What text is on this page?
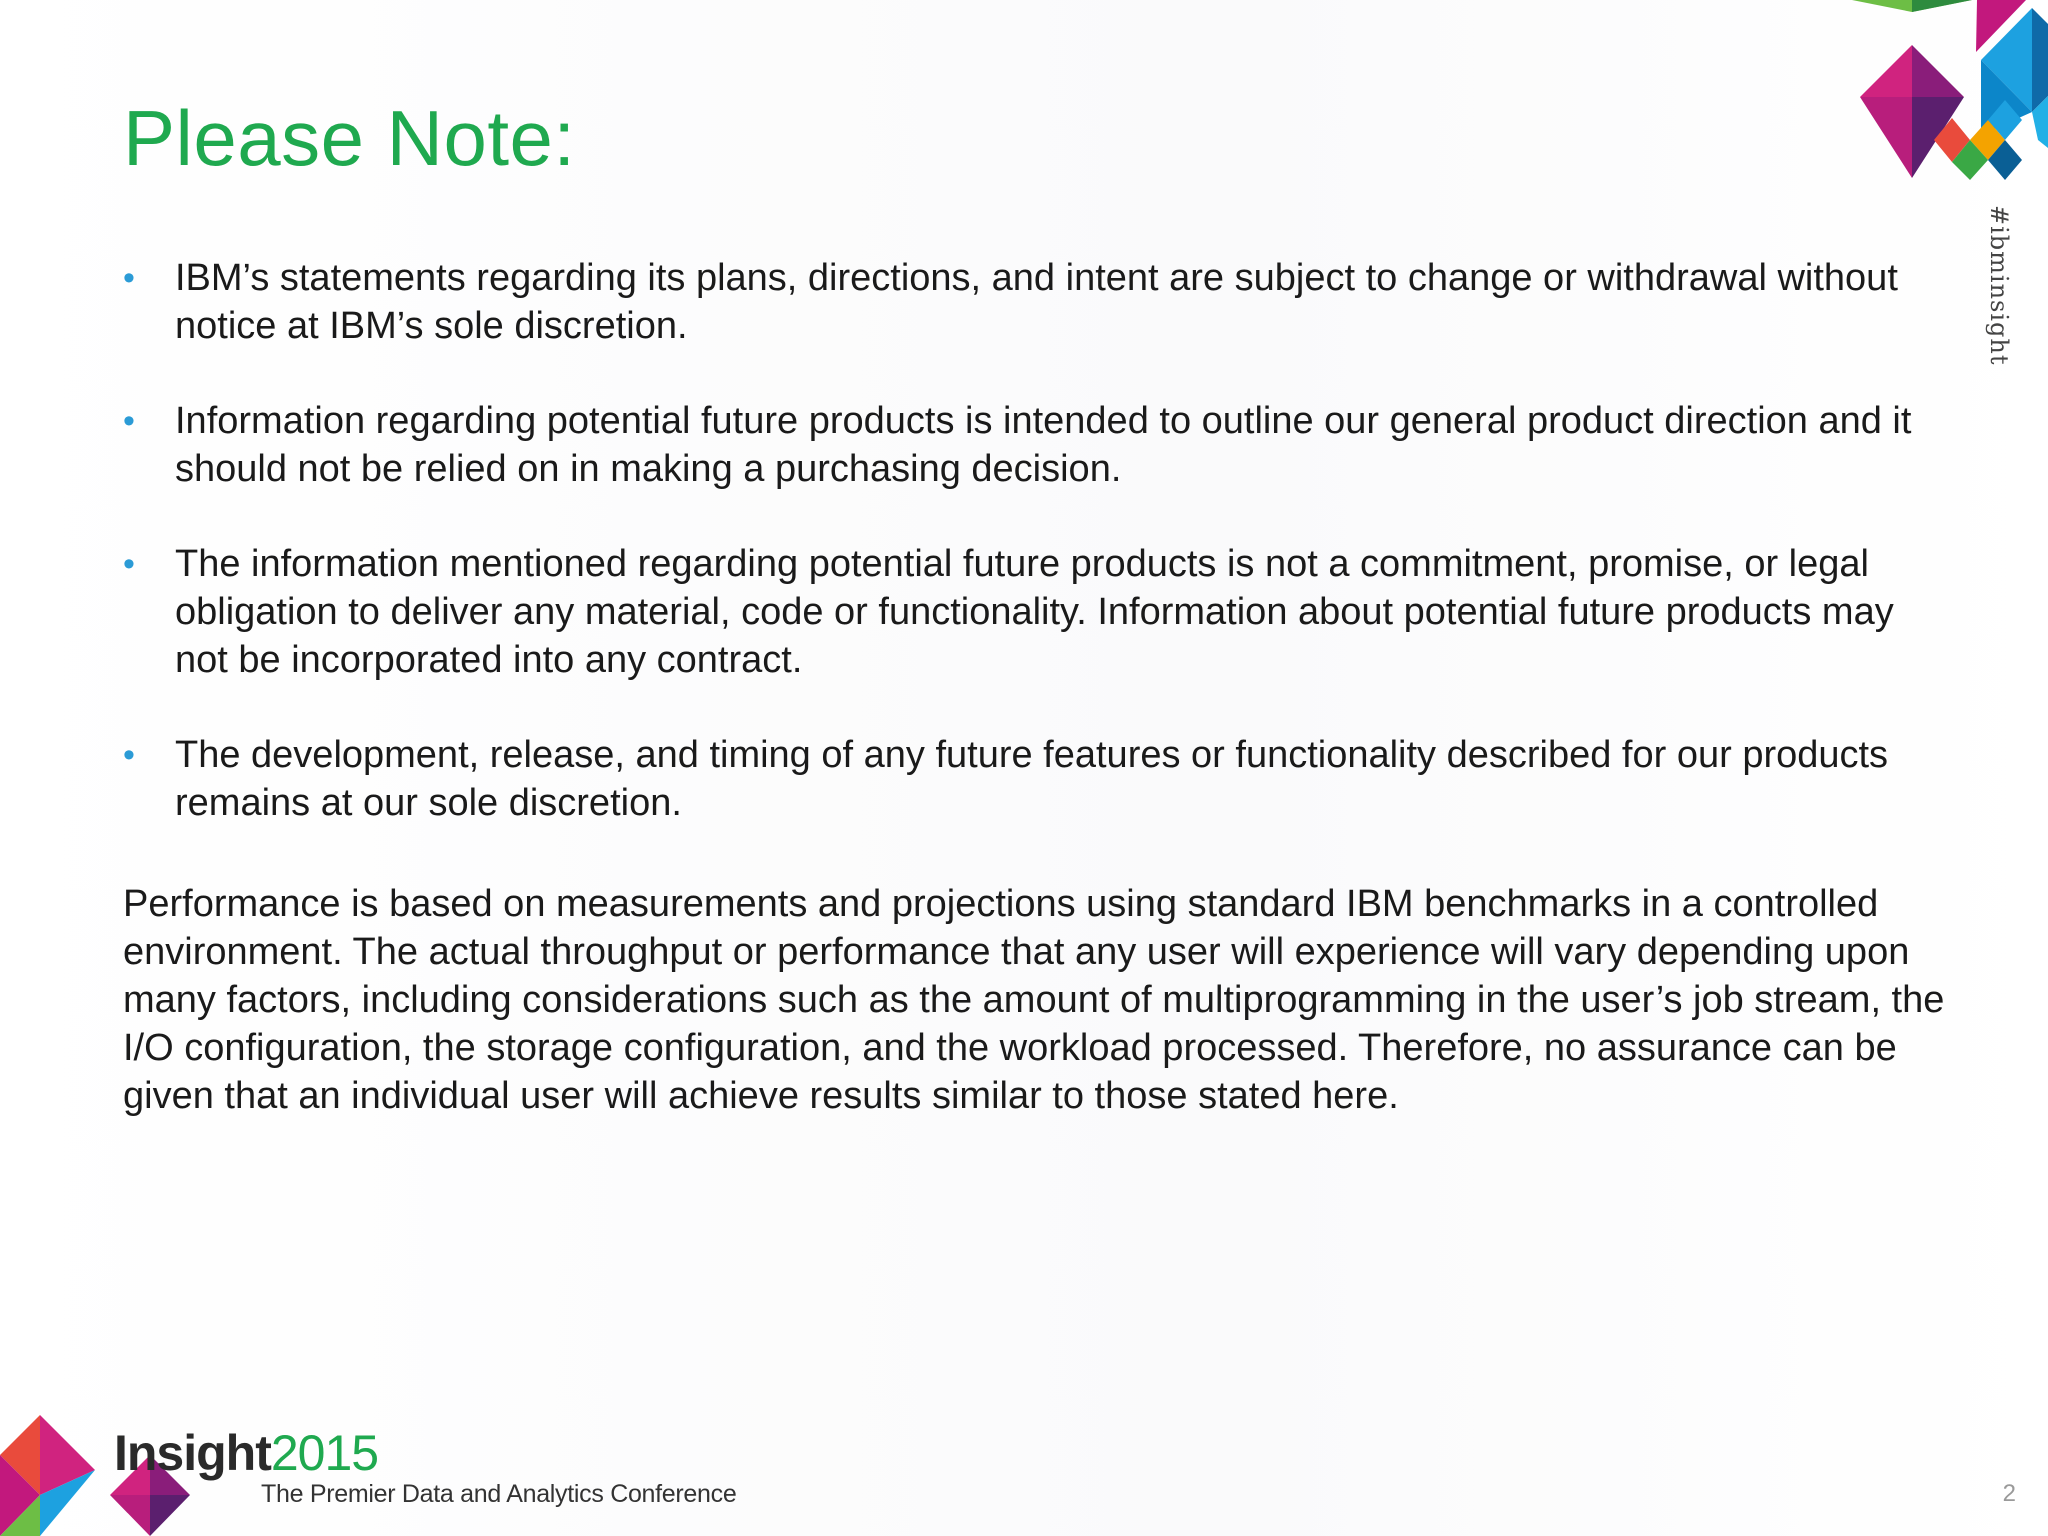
Please Note:
• IBM’s statements regarding its plans, directions, and intent are subject to change or withdrawal without notice at IBM’s sole discretion.
• Information regarding potential future products is intended to outline our general product direction and it should not be relied on in making a purchasing decision.
• The information mentioned regarding potential future products is not a commitment, promise, or legal obligation to deliver any material, code or functionality. Information about potential future products may not be incorporated into any contract.
• The development, release, and timing of any future features or functionality described for our products remains at our sole discretion.

Performance is based on measurements and projections using standard IBM benchmarks in a controlled environment. The actual throughput or performance that any user will experience will vary depending upon many factors, including considerations such as the amount of multiprogramming in the user’s job stream, the I/O configuration, the storage configuration, and the workload processed. Therefore, no assurance can be given that an individual user will achieve results similar to those stated here.

#ibminsight
Insight2015
The Premier Data and Analytics Conference	2
